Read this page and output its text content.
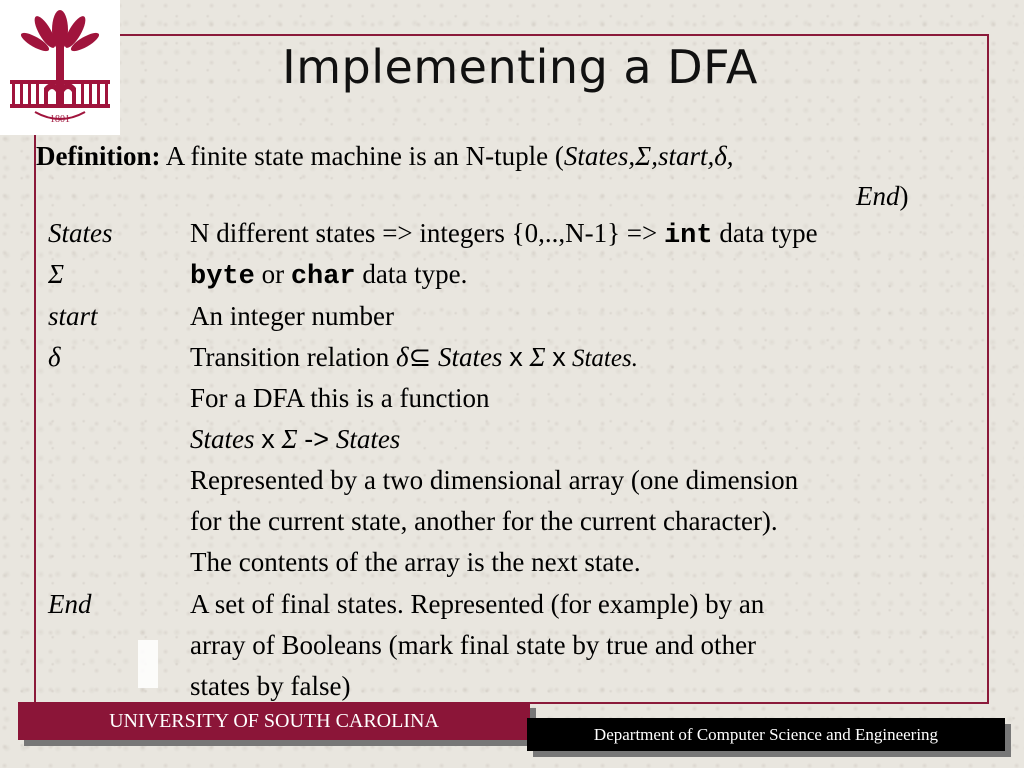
1801
Implementing a DFA
Definition: A finite state machine is an N-tuple (States,Σ,start,δ,
End)
States	N different states => integers {0,..,N-1} => int data type
Σ	byte or char data type.
start	An integer number
δ	Transition relation δ⊆ States x Σ x States.
For a DFA this is a function
States x Σ -> States
Represented by a two dimensional array (one dimension
for the current state, another for the current character).
The contents of the array is the next state.
End	A set of final states. Represented (for example) by an
array of Booleans (mark final state by true and other
states by false)
UNIVERSITY OF SOUTH CAROLINA
Department of Computer Science and Engineering
